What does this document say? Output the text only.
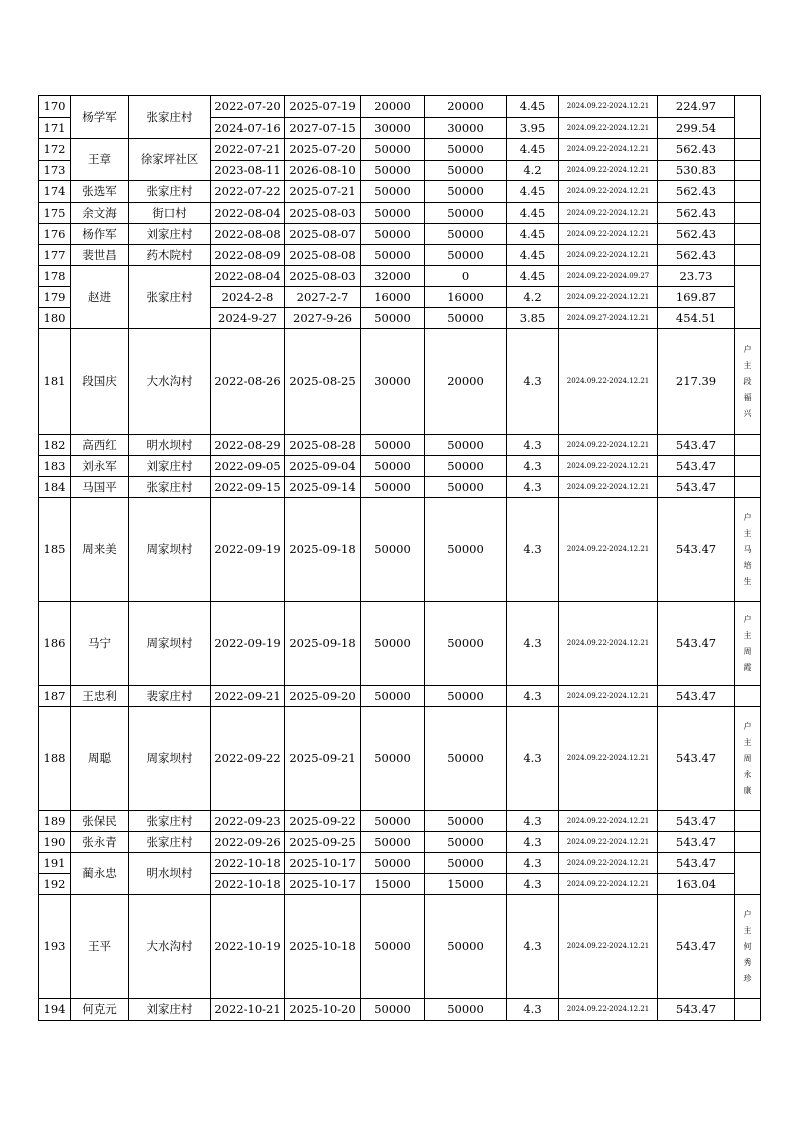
170	杨学军	张家庄村	2022-07-20	2025-07-19	20000	20000	4.45	2024.09.22-2024.12.21	224.97	
171			2024-07-16	2027-07-15	30000	30000	3.95	2024.09.22-2024.12.21	299.54	
172	王章	徐家坪社区	2022-07-21	2025-07-20	50000	50000	4.45	2024.09.22-2024.12.21	562.43	
173			2023-08-11	2026-08-10	50000	50000	4.2	2024.09.22-2024.12.21	530.83	
174	张选军	张家庄村	2022-07-22	2025-07-21	50000	50000	4.45	2024.09.22-2024.12.21	562.43	
175	余文海	街口村	2022-08-04	2025-08-03	50000	50000	4.45	2024.09.22-2024.12.21	562.43	
176	杨作军	刘家庄村	2022-08-08	2025-08-07	50000	50000	4.45	2024.09.22-2024.12.21	562.43	
177	裴世昌	药木院村	2022-08-09	2025-08-08	50000	50000	4.45	2024.09.22-2024.12.21	562.43	
178	赵进	张家庄村	2022-08-04	2025-08-03	32000	0	4.45	2024.09.22-2024.09.27	23.73	
179			2024-2-8	2027-2-7	16000	16000	4.2	2024.09.22-2024.12.21	169.87	
180			2024-9-27	2027-9-26	50000	50000	3.85	2024.09.27-2024.12.21	454.51	
181	段国庆	大水沟村	2022-08-26	2025-08-25	30000	20000	4.3	2024.09.22-2024.12.21	217.39	户
主
段
福
兴

182	高西红	明水坝村	2022-08-29	2025-08-28	50000	50000	4.3	2024.09.22-2024.12.21	543.47	
183	刘永军	刘家庄村	2022-09-05	2025-09-04	50000	50000	4.3	2024.09.22-2024.12.21	543.47	
184	马国平	张家庄村	2022-09-15	2025-09-14	50000	50000	4.3	2024.09.22-2024.12.21	543.47	
185	周来美	周家坝村	2022-09-19	2025-09-18	50000	50000	4.3	2024.09.22-2024.12.21	543.47	户
主
马
培
生

186	马宁	周家坝村	2022-09-19	2025-09-18	50000	50000	4.3	2024.09.22-2024.12.21	543.47	户
主
周
霞

187	王忠利	裴家庄村	2022-09-21	2025-09-20	50000	50000	4.3	2024.09.22-2024.12.21	543.47	
188	周聪	周家坝村	2022-09-22	2025-09-21	50000	50000	4.3	2024.09.22-2024.12.21	543.47	户
主
周
永
康

189	张保民	张家庄村	2022-09-23	2025-09-22	50000	50000	4.3	2024.09.22-2024.12.21	543.47	
190	张永青	张家庄村	2022-09-26	2025-09-25	50000	50000	4.3	2024.09.22-2024.12.21	543.47	
191	蔺永忠	明水坝村	2022-10-18	2025-10-17	50000	50000	4.3	2024.09.22-2024.12.21	543.47	
192			2022-10-18	2025-10-17	15000	15000	4.3	2024.09.22-2024.12.21	163.04	
193	王平	大水沟村	2022-10-19	2025-10-18	50000	50000	4.3	2024.09.22-2024.12.21	543.47	户
主
何
秀
珍

194	何克元	刘家庄村	2022-10-21	2025-10-20	50000	50000	4.3	2024.09.22-2024.12.21	543.47	
